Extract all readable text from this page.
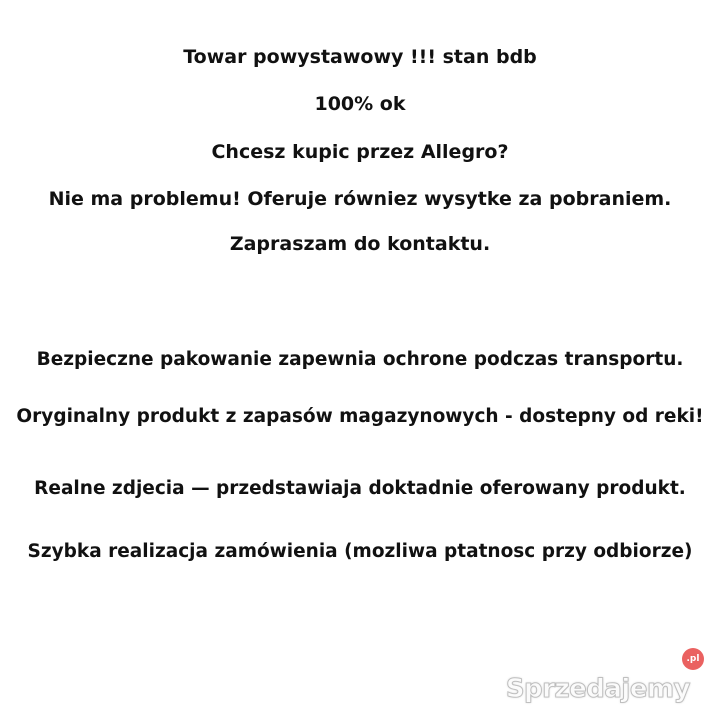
Towar powystawowy !!! stan bdb
100% ok
Chcesz kupic przez Allegro?
Nie ma problemu! Oferuje równiez wysytke za pobraniem.
Zapraszam do kontaktu.
Bezpieczne pakowanie zapewnia ochrone podczas transportu.
Oryginalny produkt z zapasów magazynowych - dostepny od reki!
Realne zdjecia — przedstawiaja doktadnie oferowany produkt.
Szybka realizacja zamówienia (mozliwa ptatnosc przy odbiorze)
Sprzedajemy
.pl
